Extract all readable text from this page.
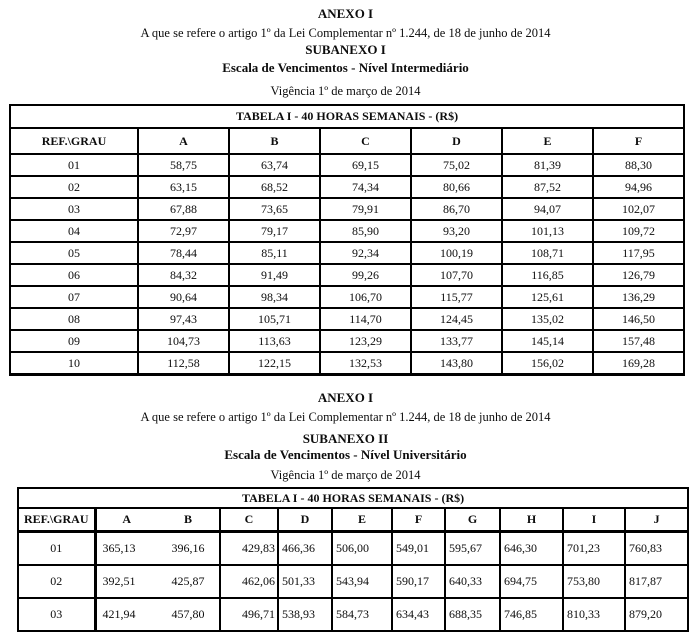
ANEXO I
A que se refere o artigo 1º da Lei Complementar nº 1.244, de 18 de junho de 2014
SUBANEXO I
Escala de Vencimentos - Nível Intermediário
Vigência 1º de março de 2014
TABELA I - 40 HORAS SEMANAIS - (R$)						
REF.\GRAU	A	B	C	D	E	F
01	58,75	63,74	69,15	75,02	81,39	88,30
02	63,15	68,52	74,34	80,66	87,52	94,96
03	67,88	73,65	79,91	86,70	94,07	102,07
04	72,97	79,17	85,90	93,20	101,13	109,72
05	78,44	85,11	92,34	100,19	108,71	117,95
06	84,32	91,49	99,26	107,70	116,85	126,79
07	90,64	98,34	106,70	115,77	125,61	136,29
08	97,43	105,71	114,70	124,45	135,02	146,50
09	104,73	113,63	123,29	133,77	145,14	157,48
10	112,58	122,15	132,53	143,80	156,02	169,28
ANEXO I
A que se refere o artigo 1º da Lei Complementar nº 1.244, de 18 de junho de 2014
SUBANEXO II
Escala de Vencimentos - Nível Universitário
Vigência 1º de março de 2014
TABELA I - 40 HORAS SEMANAIS - (R$)										
REF.\GRAU	A	B	C	D	E	F	G	H	I	J
01	365,13	396,16	429,83	466,36	506,00	549,01	595,67	646,30	701,23	760,83
02	392,51	425,87	462,06	501,33	543,94	590,17	640,33	694,75	753,80	817,87
03	421,94	457,80	496,71	538,93	584,73	634,43	688,35	746,85	810,33	879,20
